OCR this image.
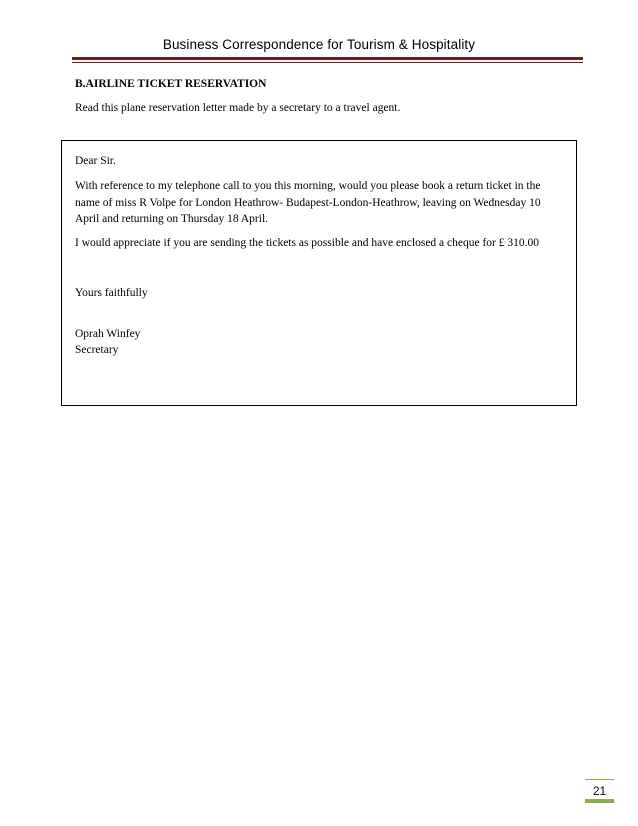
Business Correspondence for Tourism & Hospitality
B.AIRLINE TICKET RESERVATION
Read this plane reservation letter made by a secretary to a travel agent.
Dear Sir.
With reference to my telephone call to you this morning, would you please book a return ticket in the
name of miss R Volpe for London Heathrow- Budapest-London-Heathrow, leaving on Wednesday 10
April and returning on Thursday 18 April.
I would appreciate if you are sending the tickets as possible and have enclosed a cheque for £ 310.00
Yours faithfully
Oprah Winfey
Secretary
21
